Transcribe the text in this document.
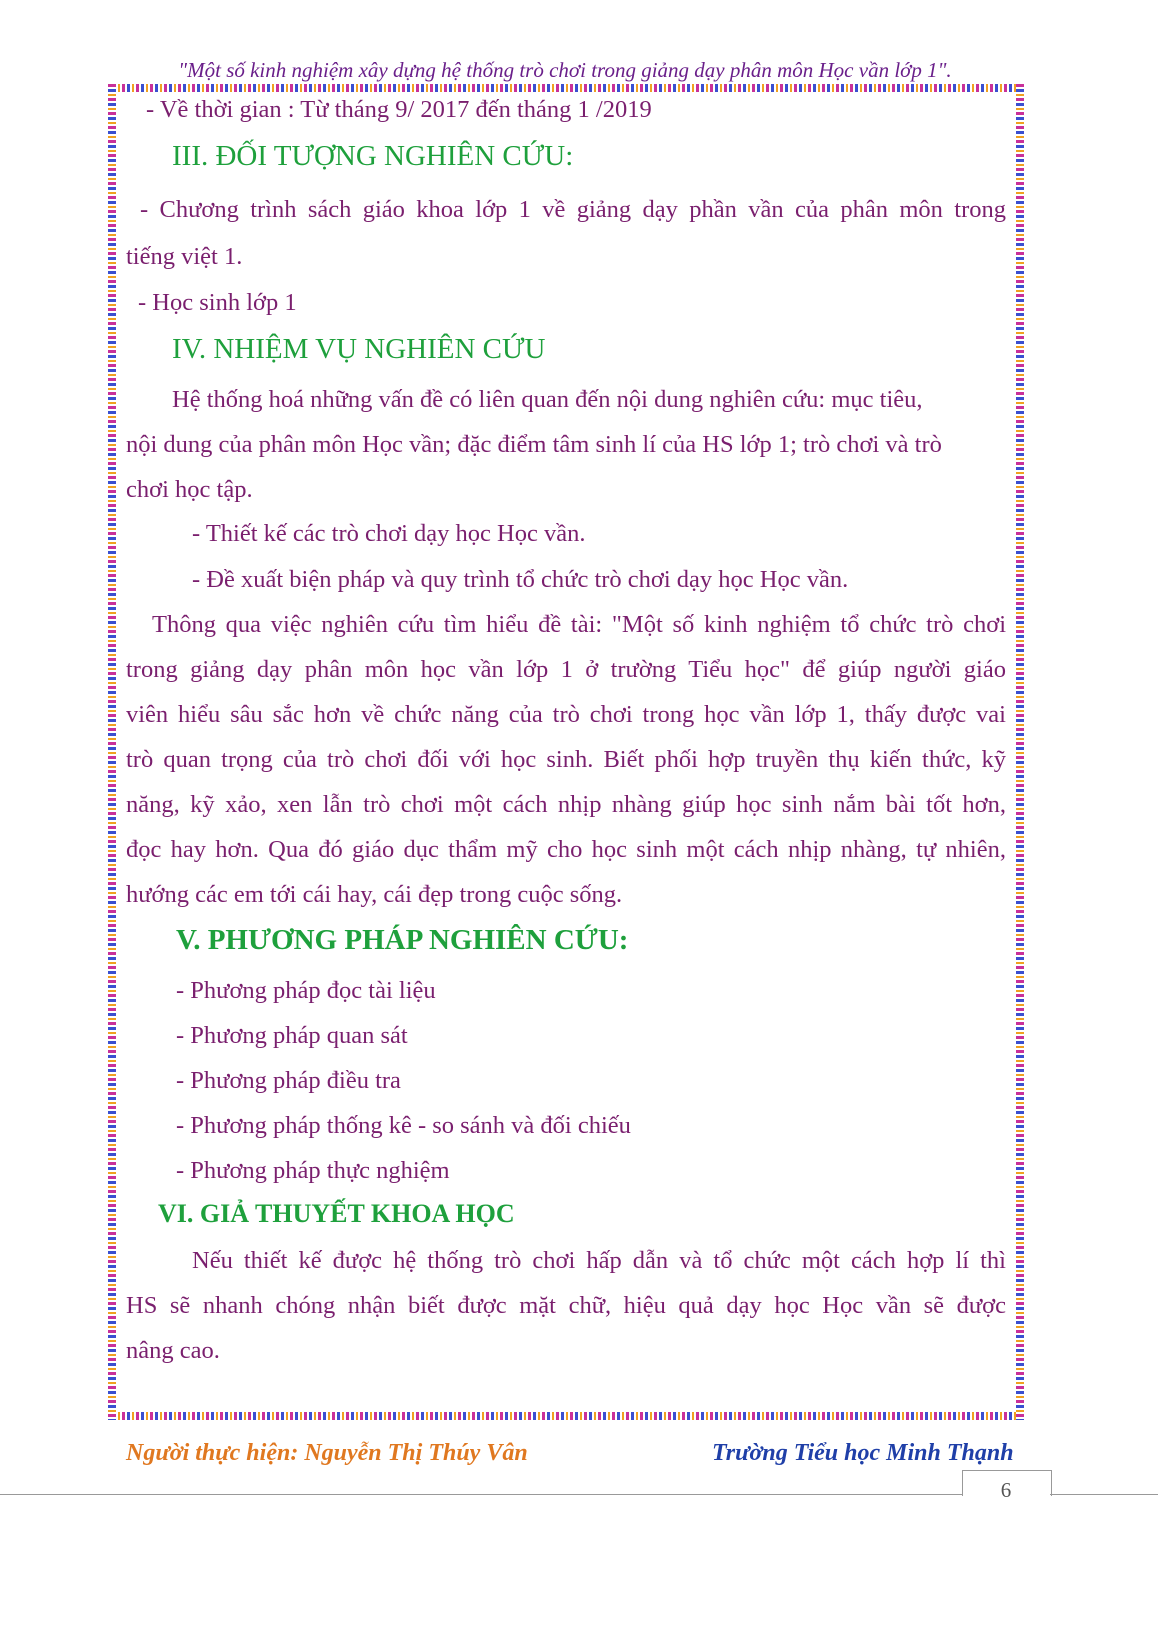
"Một số kinh nghiệm xây dựng hệ thống trò chơi trong giảng dạy phân môn Học vần lớp 1".
- Về thời gian : Từ tháng 9/ 2017 đến tháng 1 /2019
III. ĐỐI TƯỢNG NGHIÊN CỨU:
- Chương trình sách giáo khoa lớp 1 về giảng dạy phần vần của phân môn trong
tiếng việt 1.
- Học sinh lớp 1
IV. NHIỆM VỤ NGHIÊN CỨU
Hệ thống hoá những vấn đề có liên quan đến nội dung nghiên cứu: mục tiêu,
nội dung của phân môn Học vần; đặc điểm tâm sinh lí của HS lớp 1; trò chơi và trò
chơi học tập.
- Thiết kế các trò chơi dạy học Học vần.
- Đề xuất biện pháp và quy trình tổ chức trò chơi dạy học Học vần.
Thông qua việc nghiên cứu tìm hiểu đề tài: "Một số kinh nghiệm tổ chức trò chơi
trong giảng dạy phân môn học vần lớp 1 ở trường Tiểu học" để giúp người giáo
viên hiểu sâu sắc hơn về chức năng của trò chơi trong học vần lớp 1, thấy được vai
trò quan trọng của trò chơi đối với học sinh. Biết phối hợp truyền thụ kiến thức, kỹ
năng, kỹ xảo, xen lẫn trò chơi một cách nhịp nhàng giúp học sinh nắm bài tốt hơn,
đọc hay hơn. Qua đó giáo dục thẩm mỹ cho học sinh một cách nhịp nhàng, tự nhiên,
hướng các em tới cái hay, cái đẹp trong cuộc sống.
V. PHƯƠNG PHÁP NGHIÊN CỨU:
- Phương pháp đọc tài liệu
- Phương pháp quan sát
- Phương pháp điều tra
- Phương pháp thống kê - so sánh và đối chiếu
- Phương pháp thực nghiệm
VI. GIẢ THUYẾT KHOA HỌC
Nếu thiết kế được hệ thống trò chơi hấp dẫn và tổ chức một cách hợp lí thì
HS sẽ nhanh chóng nhận biết được mặt chữ, hiệu quả dạy học Học vần sẽ được
nâng cao.
Người thực hiện: Nguyễn Thị Thúy Vân	Trường Tiểu học Minh Thạnh
6
